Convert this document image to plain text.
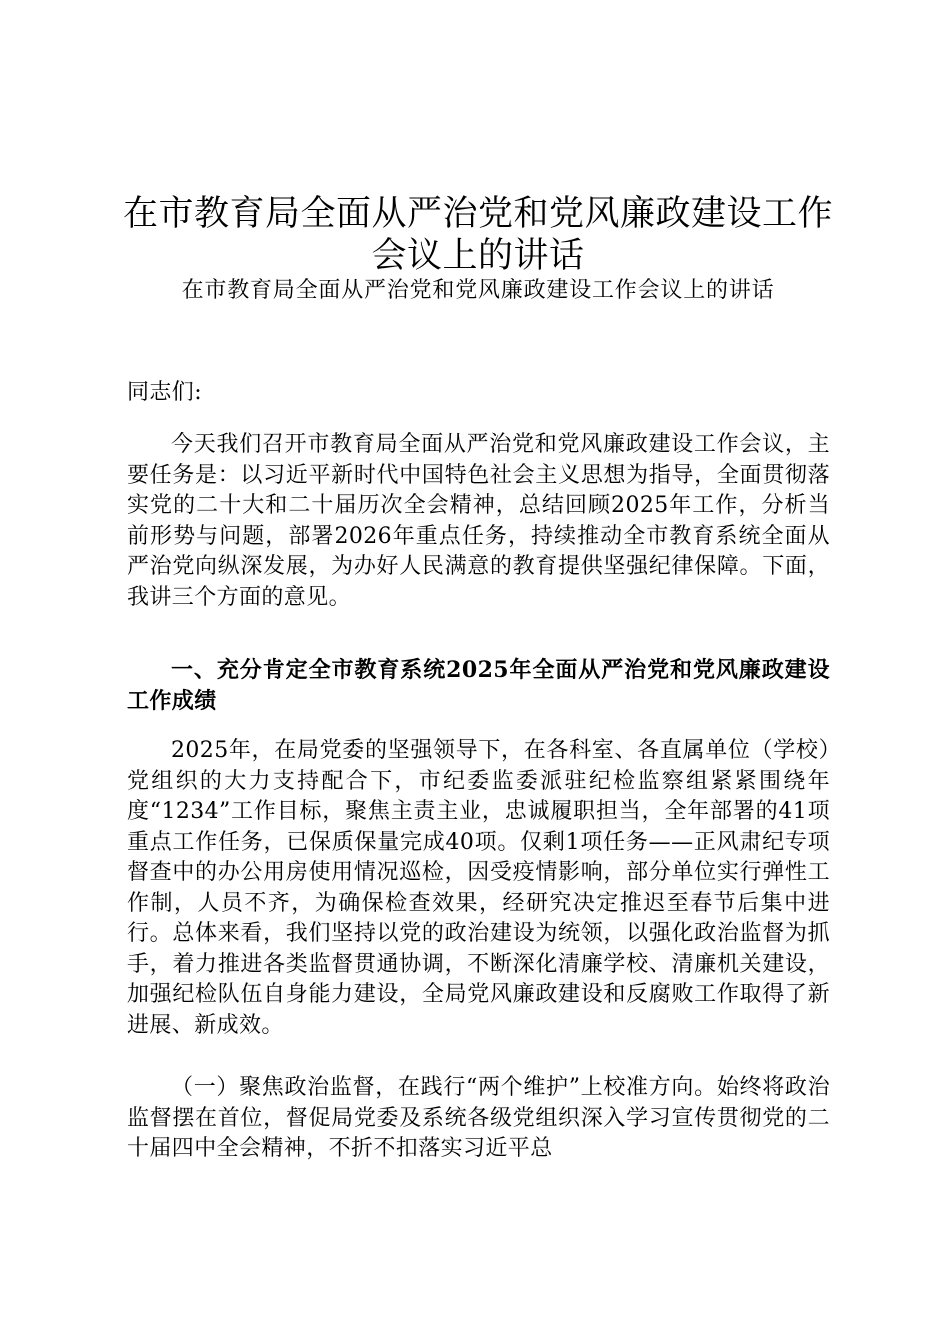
在市教育局全面从严治党和党风廉政建设工作会议上的讲话
在市教育局全面从严治党和党风廉政建设工作会议上的讲话

同志们:

今天我们召开市教育局全面从严治党和党风廉政建设工作会议，主要任务是：以习近平新时代中国特色社会主义思想为指导，全面贯彻落实党的二十大和二十届历次全会精神，总结回顾2025年工作，分析当前形势与问题，部署2026年重点任务，持续推动全市教育系统全面从严治党向纵深发展，为办好人民满意的教育提供坚强纪律保障。下面，我讲三个方面的意见。

一、充分肯定全市教育系统2025年全面从严治党和党风廉政建设工作成绩

2025年，在局党委的坚强领导下，在各科室、各直属单位（学校）党组织的大力支持配合下，市纪委监委派驻纪检监察组紧紧围绕年度“1234”工作目标，聚焦主责主业，忠诚履职担当，全年部署的41项重点工作任务，已保质保量完成40项。仅剩1项任务——正风肃纪专项督查中的办公用房使用情况巡检，因受疫情影响，部分单位实行弹性工作制，人员不齐，为确保检查效果，经研究决定推迟至春节后集中进行。总体来看，我们坚持以党的政治建设为统领，以强化政治监督为抓手，着力推进各类监督贯通协调，不断深化清廉学校、清廉机关建设，加强纪检队伍自身能力建设，全局党风廉政建设和反腐败工作取得了新进展、新成效。

（一）聚焦政治监督，在践行“两个维护”上校准方向。始终将政治监督摆在首位，督促局党委及系统各级党组织深入学习宣传贯彻党的二十届四中全会精神，不折不扣落实习近平总
